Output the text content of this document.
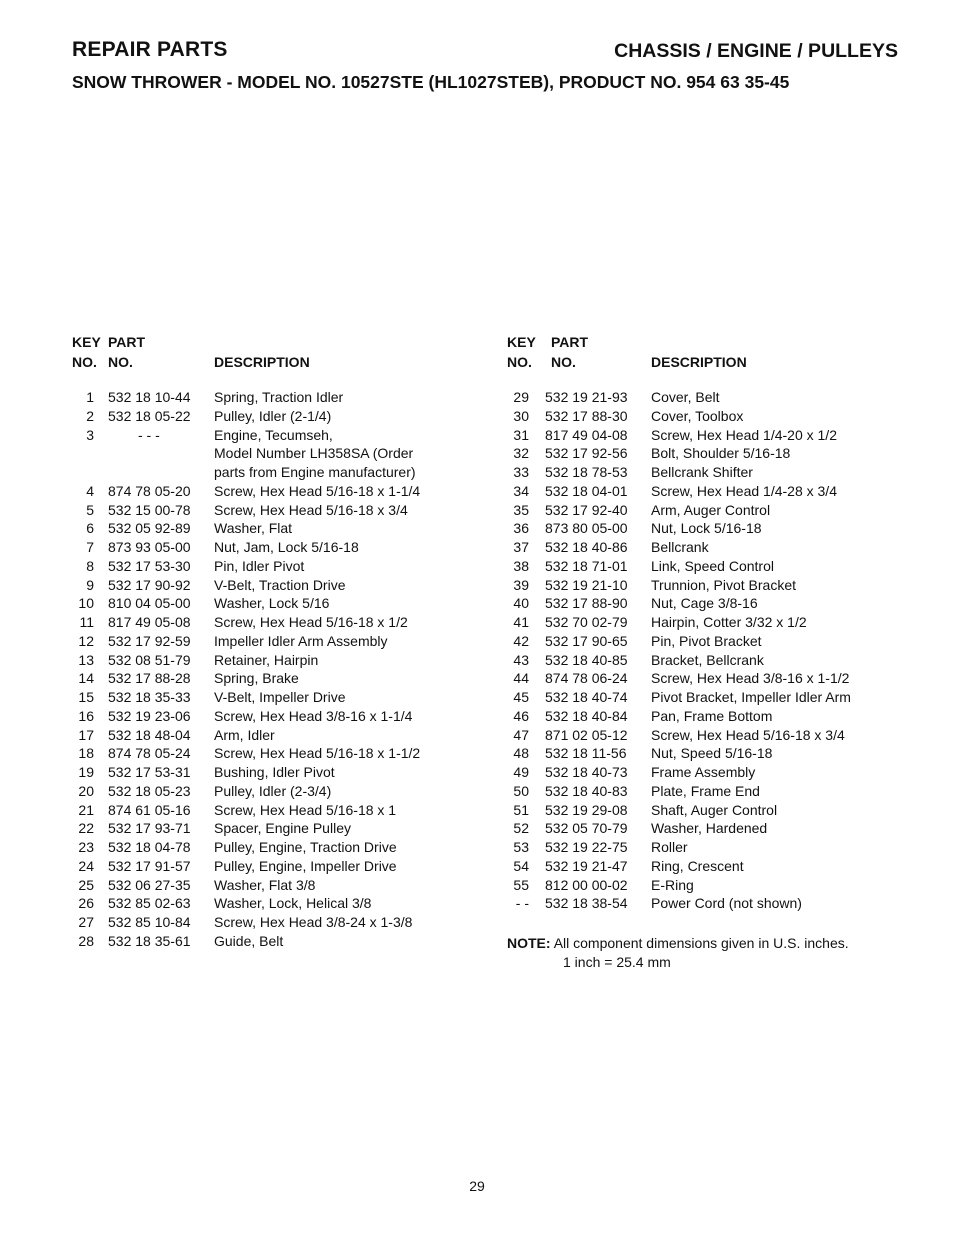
REPAIR PARTS	CHASSIS / ENGINE / PULLEYS
SNOW THROWER - MODEL NO. 10527STE (HL1027STEB), PRODUCT NO. 954 63 35-45
KEY
NO.
PART
NO.	DESCRIPTION
1 532 18 10-44 Spring, Traction Idler
2 532 18 05-22 Pulley, Idler (2-1/4)
3	- - -	Engine, Tecumseh,
Model Number LH358SA (Order
parts from Engine manufacturer)
4 874 78 05-20 Screw, Hex Head 5/16-18 x 1-1/4
5 532 15 00-78 Screw, Hex Head 5/16-18 x 3/4
6 532 05 92-89 Washer, Flat
7 873 93 05-00 Nut, Jam, Lock 5/16-18
8 532 17 53-30 Pin, Idler Pivot
9 532 17 90-92 V-Belt, Traction Drive
10 810 04 05-00 Washer, Lock 5/16
11 817 49 05-08 Screw, Hex Head 5/16-18 x 1/2
12 532 17 92-59 Impeller Idler Arm Assembly
13 532 08 51-79 Retainer, Hairpin
14 532 17 88-28 Spring, Brake
15 532 18 35-33 V-Belt, Impeller Drive
16 532 19 23-06 Screw, Hex Head 3/8-16 x 1-1/4
17 532 18 48-04 Arm, Idler
18 874 78 05-24 Screw, Hex Head 5/16-18 x 1-1/2
19 532 17 53-31 Bushing, Idler Pivot
20 532 18 05-23 Pulley, Idler (2-3/4)
21 874 61 05-16 Screw, Hex Head 5/16-18 x 1
22 532 17 93-71 Spacer, Engine Pulley
23 532 18 04-78 Pulley, Engine, Traction Drive
24 532 17 91-57 Pulley, Engine, Impeller Drive
25 532 06 27-35 Washer, Flat 3/8
26 532 85 02-63 Washer, Lock, Helical 3/8
27 532 85 10-84 Screw, Hex Head 3/8-24 x 1-3/8
28 532 18 35-61 Guide, Belt
KEY
NO.
PART
NO.	DESCRIPTION
29 532 19 21-93 Cover, Belt
30 532 17 88-30 Cover, Toolbox
31 817 49 04-08 Screw, Hex Head 1/4-20 x 1/2
32 532 17 92-56 Bolt, Shoulder 5/16-18
33 532 18 78-53 Bellcrank Shifter
34 532 18 04-01 Screw, Hex Head 1/4-28 x 3/4
35 532 17 92-40 Arm, Auger Control
36 873 80 05-00 Nut, Lock 5/16-18
37 532 18 40-86 Bellcrank
38 532 18 71-01 Link, Speed Control
39 532 19 21-10 Trunnion, Pivot Bracket
40 532 17 88-90 Nut, Cage 3/8-16
41 532 70 02-79 Hairpin, Cotter 3/32 x 1/2
42 532 17 90-65 Pin, Pivot Bracket
43 532 18 40-85 Bracket, Bellcrank
44 874 78 06-24 Screw, Hex Head 3/8-16 x 1-1/2
45 532 18 40-74 Pivot Bracket, Impeller Idler Arm
46 532 18 40-84 Pan, Frame Bottom
47 871 02 05-12 Screw, Hex Head 5/16-18 x 3/4
48 532 18 11-56 Nut, Speed 5/16-18
49 532 18 40-73 Frame Assembly
50 532 18 40-83 Plate, Frame End
51 532 19 29-08 Shaft, Auger Control
52 532 05 70-79 Washer, Hardened
53 532 19 22-75 Roller
54 532 19 21-47 Ring, Crescent
55 812 00 00-02 E-Ring
- - 532 18 38-54 Power Cord (not shown)
NOTE: All component dimensions given in U.S. inches.
1 inch = 25.4 mm
29
